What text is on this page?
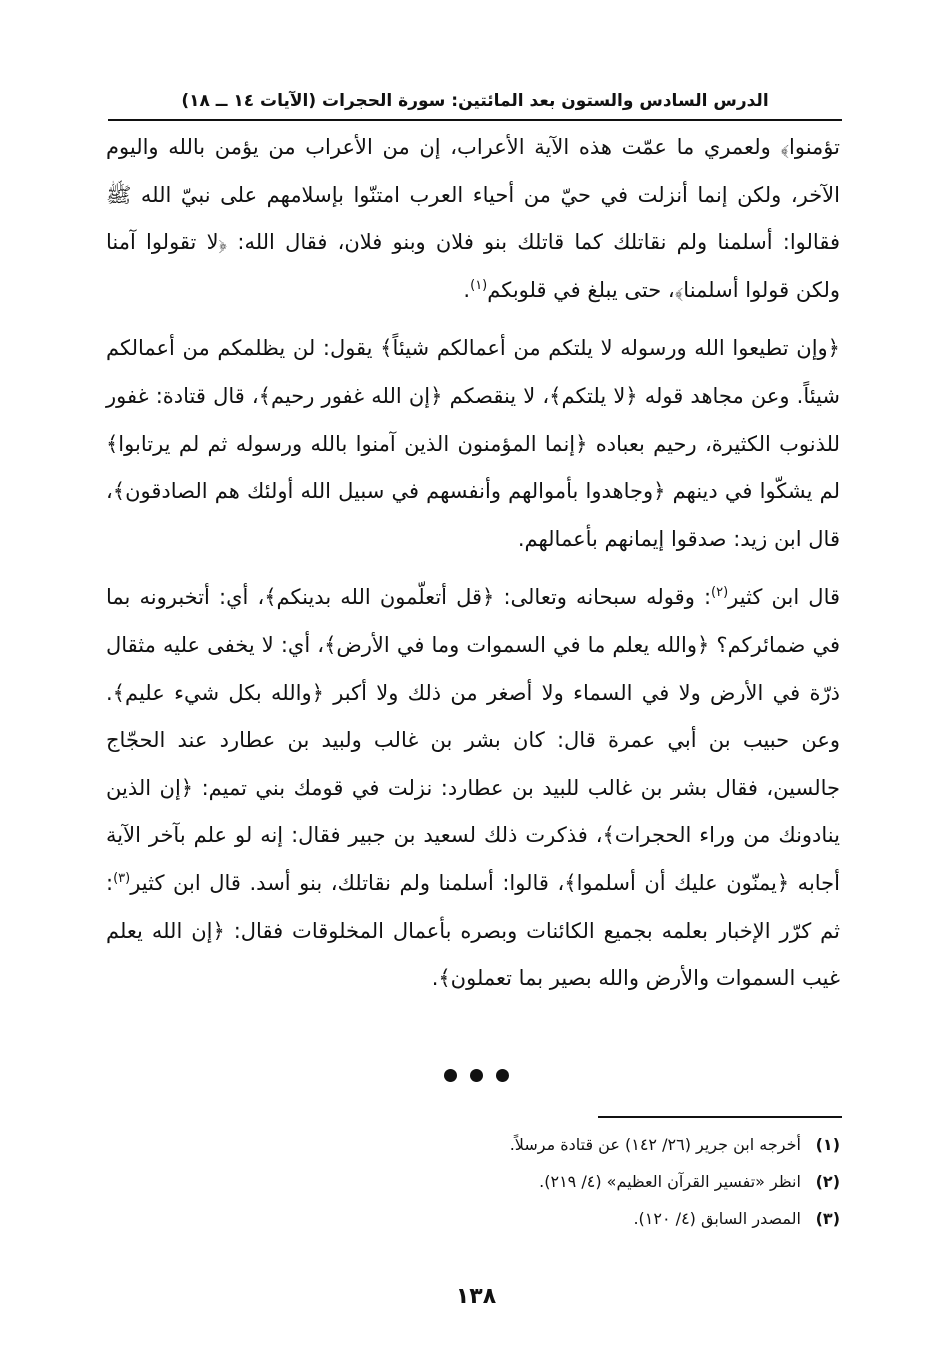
الدرس السادس والستون بعد المائتين: سورة الحجرات (الآيات ١٤ ــ ١٨)

تؤمنوا﴾ ولعمري ما عمّت هذه الآية الأعراب، إن من الأعراب من يؤمن بالله واليوم الآخر، ولكن إنما أنزلت في حيّ من أحياء العرب امتنّوا بإسلامهم على نبيّ الله ﷺ فقالوا: أسلمنا ولم نقاتلك كما قاتلك بنو فلان وبنو فلان، فقال الله: ﴿لا تقولوا آمنا ولكن قولوا أسلمنا﴾، حتى يبلغ في قلوبكم$^{(١)}$.

﴿وإن تطيعوا الله ورسوله لا يلتكم من أعمالكم شيئاً﴾ يقول: لن يظلمكم من أعمالكم شيئاً. وعن مجاهد قوله ﴿لا يلتكم﴾، لا ينقصكم ﴿إن الله غفور رحيم﴾، قال قتادة: غفور للذنوب الكثيرة، رحيم بعباده ﴿إنما المؤمنون الذين آمنوا بالله ورسوله ثم لم يرتابوا﴾ لم يشكّوا في دينهم ﴿وجاهدوا بأموالهم وأنفسهم في سبيل الله أولئك هم الصادقون﴾، قال ابن زيد: صدقوا إيمانهم بأعمالهم.

قال ابن كثير$^{(٢)}$: وقوله سبحانه وتعالى: ﴿قل أتعلّمون الله بدينكم﴾، أي: أتخبرونه بما في ضمائركم؟ ﴿والله يعلم ما في السموات وما في الأرض﴾، أي: لا يخفى عليه مثقال ذرّة في الأرض ولا في السماء ولا أصغر من ذلك ولا أكبر ﴿والله بكل شيء عليم﴾. وعن حبيب بن أبي عمرة قال: كان بشر بن غالب ولبيد بن عطارد عند الحجّاج جالسين، فقال بشر بن غالب للبيد بن عطارد: نزلت في قومك بني تميم: ﴿إن الذين ينادونك من وراء الحجرات﴾، فذكرت ذلك لسعيد بن جبير فقال: إنه لو علم بآخر الآية أجابه ﴿يمنّون عليك أن أسلموا﴾، قالوا: أسلمنا ولم نقاتلك، بنو أسد. قال ابن كثير$^{(٣)}$: ثم كرّر الإخبار بعلمه بجميع الكائنات وبصره بأعمال المخلوقات فقال: ﴿إن الله يعلم غيب السموات والأرض والله بصير بما تعملون﴾.

(١) أخرجه ابن جرير (٢٦/ ١٤٢) عن قتادة مرسلاً.
(٢) انظر «تفسير القرآن العظيم» (٤/ ٢١٩).
(٣) المصدر السابق (٤/ ١٢٠).
١٣٨
